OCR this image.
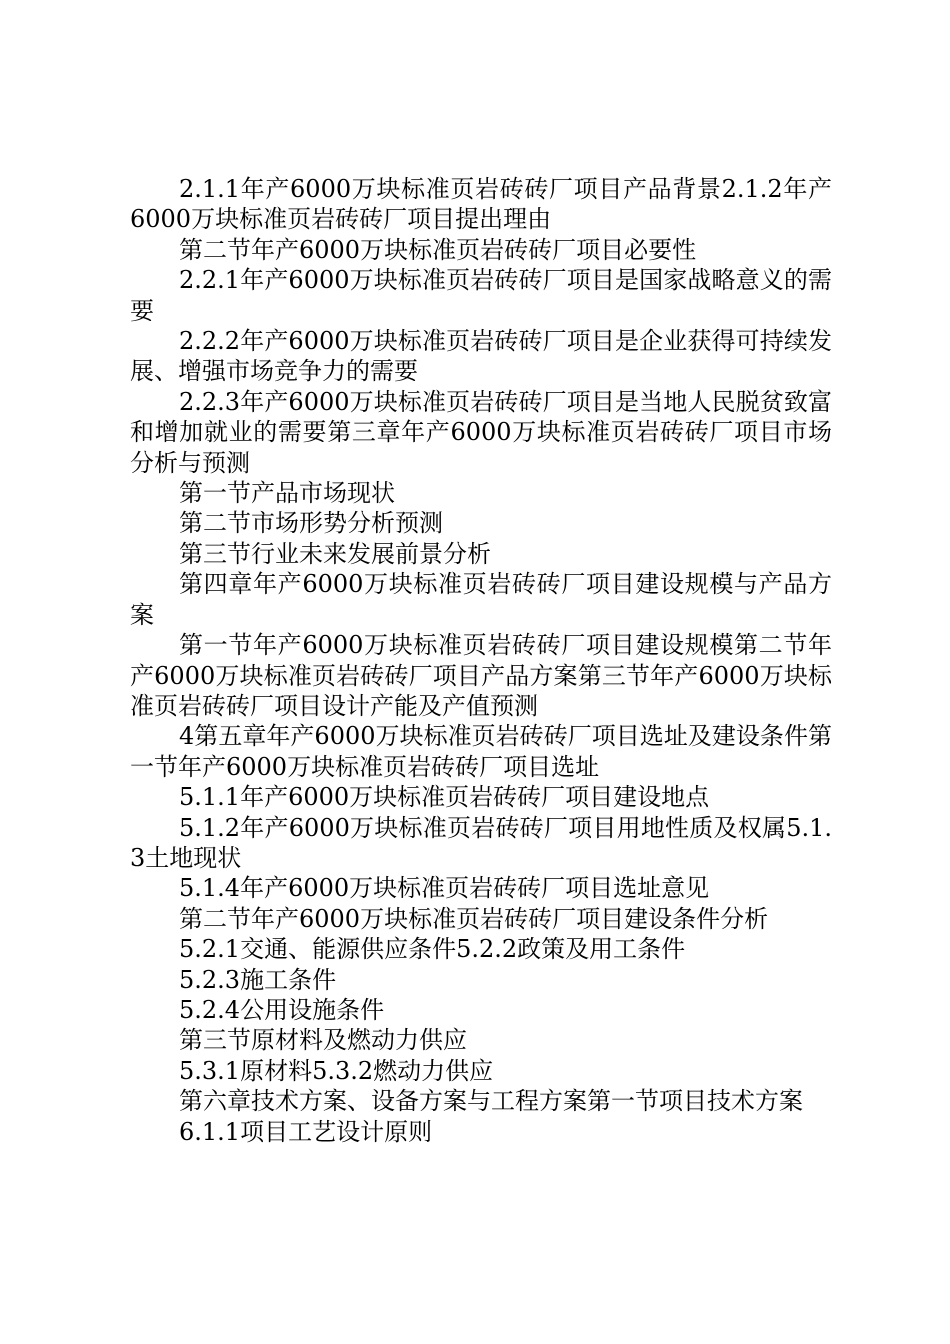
2.1.1年产6000万块标准页岩砖砖厂项目产品背景2.1.2年产6000万块标准页岩砖砖厂项目提出理由

第二节年产6000万块标准页岩砖砖厂项目必要性

2.2.1年产6000万块标准页岩砖砖厂项目是国家战略意义的需要

2.2.2年产6000万块标准页岩砖砖厂项目是企业获得可持续发展、增强市场竞争力的需要

2.2.3年产6000万块标准页岩砖砖厂项目是当地人民脱贫致富和增加就业的需要第三章年产6000万块标准页岩砖砖厂项目市场分析与预测

第一节产品市场现状

第二节市场形势分析预测

第三节行业未来发展前景分析

第四章年产6000万块标准页岩砖砖厂项目建设规模与产品方案

第一节年产6000万块标准页岩砖砖厂项目建设规模第二节年产6000万块标准页岩砖砖厂项目产品方案第三节年产6000万块标准页岩砖砖厂项目设计产能及产值预测

4第五章年产6000万块标准页岩砖砖厂项目选址及建设条件第一节年产6000万块标准页岩砖砖厂项目选址

5.1.1年产6000万块标准页岩砖砖厂项目建设地点

5.1.2年产6000万块标准页岩砖砖厂项目用地性质及权属5.1.3土地现状

5.1.4年产6000万块标准页岩砖砖厂项目选址意见

第二节年产6000万块标准页岩砖砖厂项目建设条件分析

5.2.1交通、能源供应条件5.2.2政策及用工条件

5.2.3施工条件

5.2.4公用设施条件

第三节原材料及燃动力供应

5.3.1原材料5.3.2燃动力供应

第六章技术方案、设备方案与工程方案第一节项目技术方案

6.1.1项目工艺设计原则
